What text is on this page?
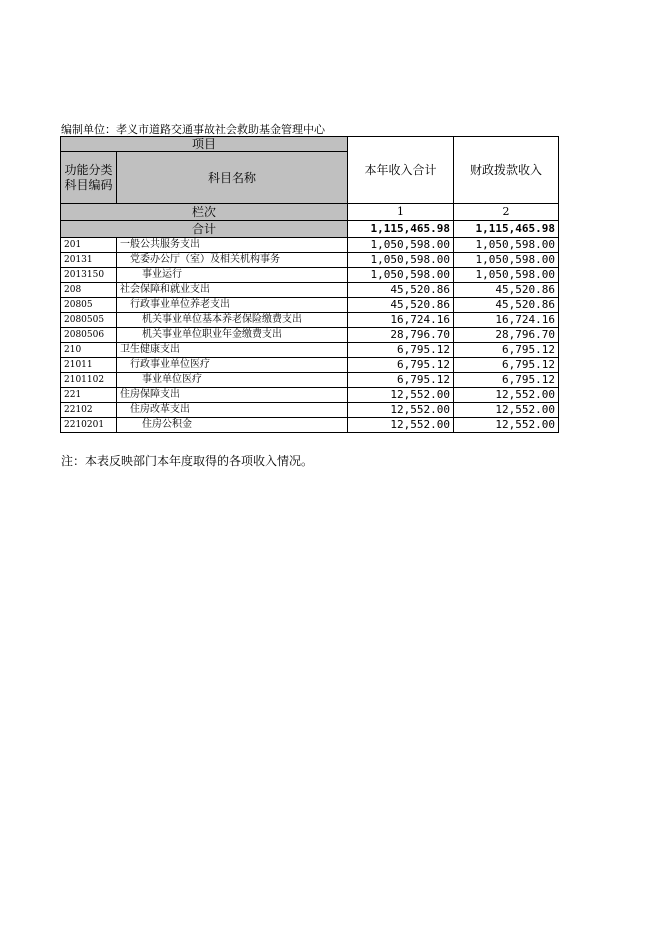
编制单位：孝义市道路交通事故社会救助基金管理中心
项目		本年收入合计	财政拨款收入
功能分类科目编码	科目名称		
栏次		1	2
合计		1,115,465.98	1,115,465.98
201	一般公共服务支出	1,050,598.00	1,050,598.00
20131	党委办公厅（室）及相关机构事务	1,050,598.00	1,050,598.00
2013150	事业运行	1,050,598.00	1,050,598.00
208	社会保障和就业支出	45,520.86	45,520.86
20805	行政事业单位养老支出	45,520.86	45,520.86
2080505	机关事业单位基本养老保险缴费支出	16,724.16	16,724.16
2080506	机关事业单位职业年金缴费支出	28,796.70	28,796.70
210	卫生健康支出	6,795.12	6,795.12
21011	行政事业单位医疗	6,795.12	6,795.12
2101102	事业单位医疗	6,795.12	6,795.12
221	住房保障支出	12,552.00	12,552.00
22102	住房改革支出	12,552.00	12,552.00
2210201	住房公积金	12,552.00	12,552.00
注：本表反映部门本年度取得的各项收入情况。
